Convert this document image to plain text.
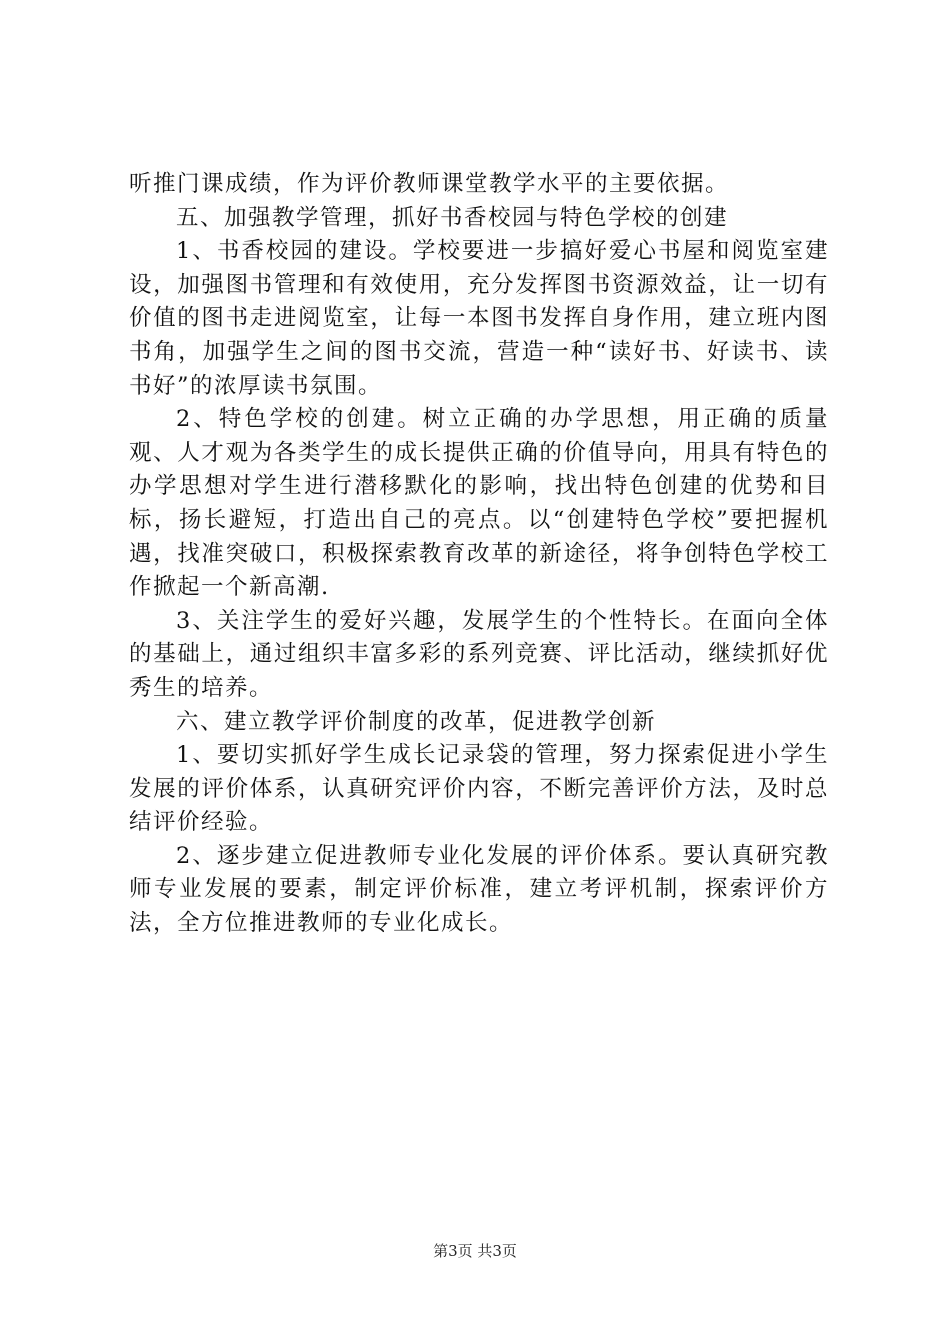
听推门课成绩，作为评价教师课堂教学水平的主要依据。

五、加强教学管理，抓好书香校园与特色学校的创建

1、书香校园的建设。学校要进一步搞好爱心书屋和阅览室建设，加强图书管理和有效使用，充分发挥图书资源效益，让一切有价值的图书走进阅览室，让每一本图书发挥自身作用，建立班内图书角，加强学生之间的图书交流，营造一种“读好书、好读书、读书好”的浓厚读书氛围。

2、特色学校的创建。树立正确的办学思想，用正确的质量观、人才观为各类学生的成长提供正确的价值导向，用具有特色的办学思想对学生进行潜移默化的影响，找出特色创建的优势和目标，扬长避短，打造出自己的亮点。以“创建特色学校”要把握机遇，找准突破口，积极探索教育改革的新途径，将争创特色学校工作掀起一个新高潮.

3、关注学生的爱好兴趣，发展学生的个性特长。在面向全体的基础上，通过组织丰富多彩的系列竞赛、评比活动，继续抓好优秀生的培养。

六、建立教学评价制度的改革，促进教学创新

1、要切实抓好学生成长记录袋的管理，努力探索促进小学生发展的评价体系，认真研究评价内容，不断完善评价方法，及时总结评价经验。

2、逐步建立促进教师专业化发展的评价体系。要认真研究教师专业发展的要素，制定评价标准，建立考评机制，探索评价方法，全方位推进教师的专业化成长。

第3页 共3页
